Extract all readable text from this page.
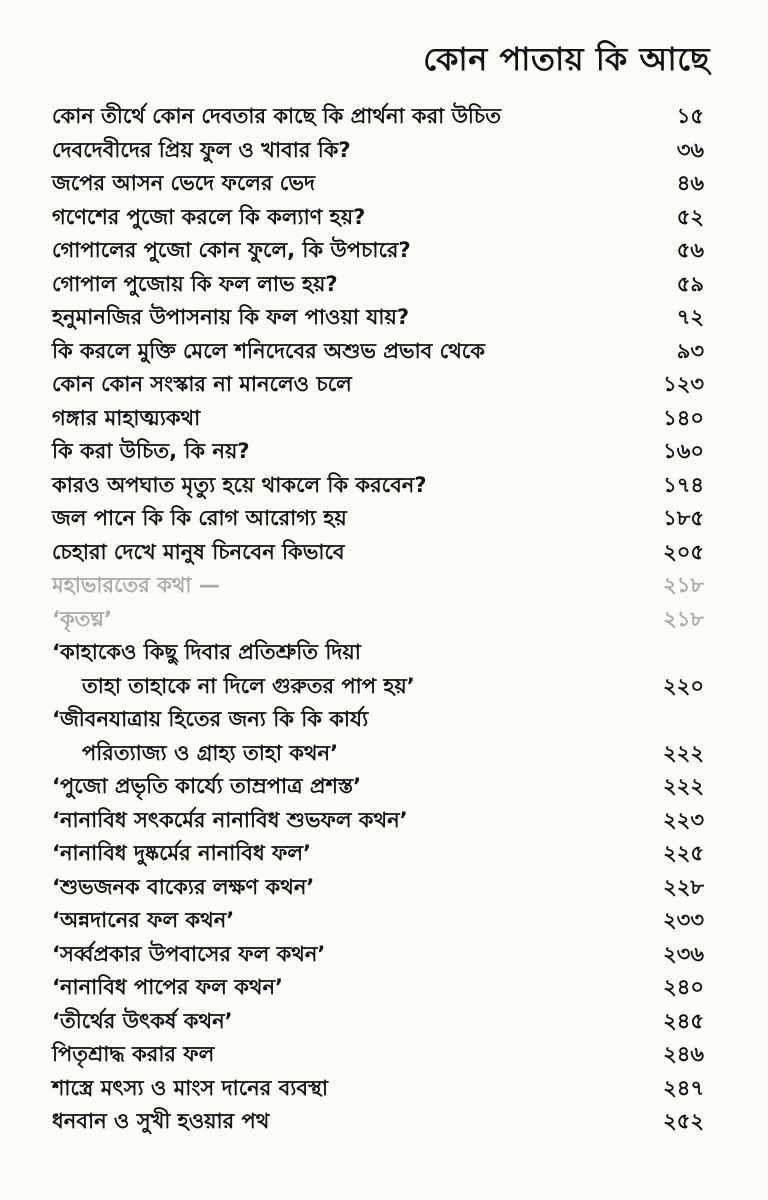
কোন পাতায় কি আছে
কোন তীর্থে কোন দেবতার কাছে কি প্রার্থনা করা উচিত	১৫
দেবদেবীদের প্রিয় ফুল ও খাবার কি?	৩৬
জপের আসন ভেদে ফলের ভেদ	৪৬
গণেশের পুজো করলে কি কল্যাণ হয়?	৫২
গোপালের পুজো কোন ফুলে, কি উপচারে?	৫৬
গোপাল পুজোয় কি ফল লাভ হয়?	৫৯
হনুমানজির উপাসনায় কি ফল পাওয়া যায়?	৭২
কি করলে মুক্তি মেলে শনিদেবের অশুভ প্রভাব থেকে	৯৩
কোন কোন সংস্কার না মানলেও চলে	১২৩
গঙ্গার মাহাত্ম্যকথা	১৪০
কি করা উচিত, কি নয়?	১৬০
কারও অপঘাত মৃত্যু হয়ে থাকলে কি করবেন?	১৭৪
জল পানে কি কি রোগ আরোগ্য হয়	১৮৫
চেহারা দেখে মানুষ চিনবেন কিভাবে	২০৫
মহাভারতের কথা —	২১৮
‘কৃতঘ্ন’	২১৮
‘কাহাকেও কিছু দিবার প্রতিশ্রুতি দিয়া
তাহা তাহাকে না দিলে গুরুতর পাপ হয়’	২২০
‘জীবনযাত্রায় হিতের জন্য কি কি কার্য্য
পরিত্যাজ্য ও গ্রাহ্য তাহা কথন’	২২২
‘পুজো প্রভৃতি কার্য্যে তাম্রপাত্র প্রশস্ত’	২২২
‘নানাবিধ সৎকর্মের নানাবিধ শুভফল কথন’	২২৩
‘নানাবিধ দুষ্কর্মের নানাবিধ ফল’	২২৫
‘শুভজনক বাক্যের লক্ষণ কথন’	২২৮
‘অন্নদানের ফল কথন’	২৩৩
‘সর্ব্বপ্রকার উপবাসের ফল কথন’	২৩৬
‘নানাবিধ পাপের ফল কথন’	২৪০
‘তীর্থের উৎকর্ষ কথন’	২৪৫
পিতৃশ্রাদ্ধ করার ফল	২৪৬
শাস্ত্রে মৎস্য ও মাংস দানের ব্যবস্থা	২৪৭
ধনবান ও সুখী হওয়ার পথ	২৫২
